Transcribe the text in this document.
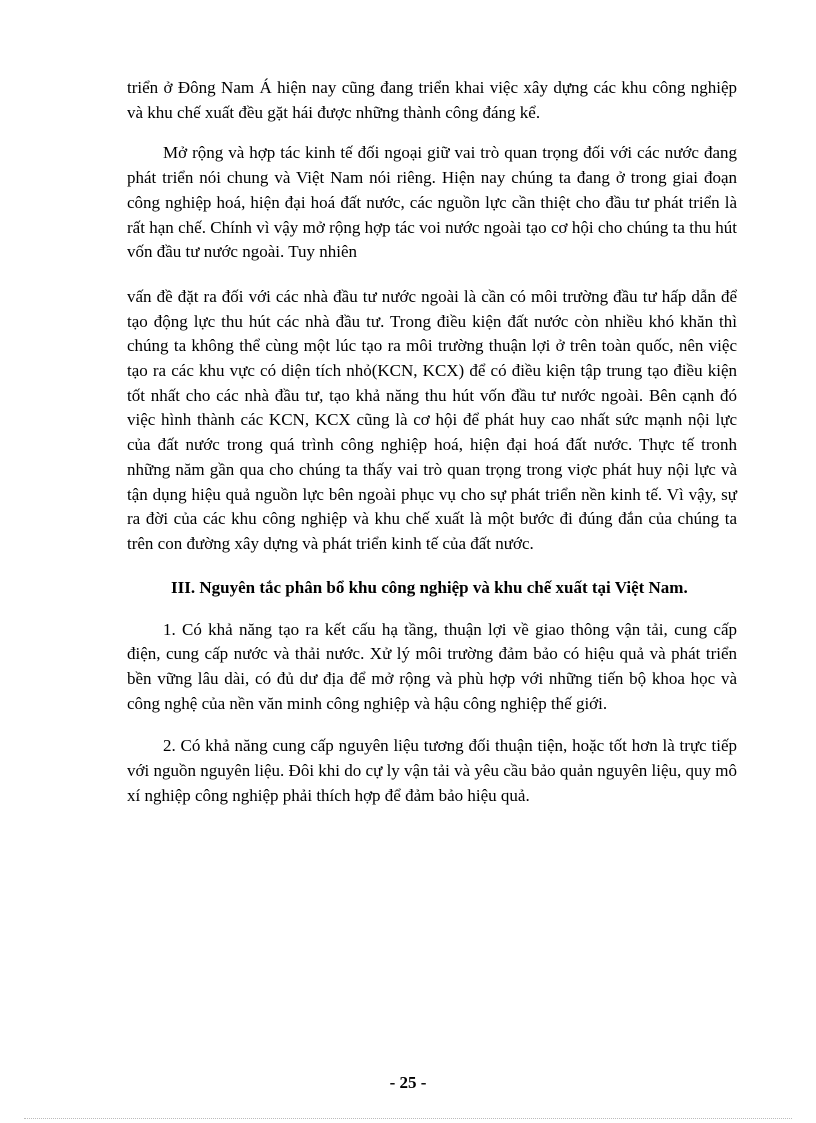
triển ở Đông Nam Á hiện nay cũng đang triển khai việc xây dựng các khu công nghiệp và khu chế xuất đều gặt hái được những thành công đáng kể.

Mở rộng và hợp tác kinh tế đối ngoại giữ vai trò quan trọng đối với các nước đang phát triển nói chung và Việt Nam nói riêng. Hiện nay chúng ta đang ở trong giai đoạn công nghiệp hoá, hiện đại hoá đất nước, các nguồn lực cần thiệt cho đầu tư phát triển là rất hạn chế. Chính vì vậy mở rộng hợp tác voi nước ngoài tạo cơ hội cho chúng ta thu hút vốn đầu tư nước ngoài. Tuy nhiên

vấn đề đặt ra đối với các nhà đầu tư nước ngoài là cần có môi trường đầu tư hấp dẫn để tạo động lực thu hút các nhà đầu tư. Trong điều kiện đất nước còn nhiều khó khăn thì chúng ta không thể cùng một lúc tạo ra môi trường thuận lợi ở trên toàn quốc, nên việc tạo ra các khu vực có diện tích nhỏ(KCN, KCX) để có điều kiện tập trung tạo điều kiện tốt nhất cho các nhà đầu tư, tạo khả năng thu hút vốn đầu tư nước ngoài. Bên cạnh đó việc hình thành các KCN, KCX cũng là cơ hội để phát huy cao nhất sức mạnh nội lực của đất nước trong quá trình công nghiệp hoá, hiện đại hoá đất nước. Thực tế tronh những năm gần qua cho chúng ta thấy vai trò quan trọng trong viợc phát huy nội lực và tận dụng hiệu quả nguồn lực bên ngoài phục vụ cho sự phát triển nền kinh tế. Vì vậy, sự ra đời của các khu công nghiệp và khu chế xuất là một bước đi đúng đắn của chúng ta trên con đường xây dựng và phát triển kinh tế của đất nước.

III. Nguyên tắc phân bổ khu công nghiệp và khu chế xuất tại Việt Nam.

1. Có khả năng tạo ra kết cấu hạ tầng, thuận lợi về giao thông vận tải, cung cấp điện, cung cấp nước và thải nước. Xử lý môi trường đảm bảo có hiệu quả và phát triển bền vững lâu dài, có đủ dư địa để mở rộng và phù hợp với những tiến bộ khoa học và công nghệ của nền văn minh công nghiệp và hậu công nghiệp thế giới.

2. Có khả năng cung cấp nguyên liệu tương đối thuận tiện, hoặc tốt hơn là trực tiếp với nguồn nguyên liệu. Đôi khi do cự ly vận tải và yêu cầu bảo quản nguyên liệu, quy mô xí nghiệp công nghiệp phải thích hợp để đảm bảo hiệu quả.

- 25 -
